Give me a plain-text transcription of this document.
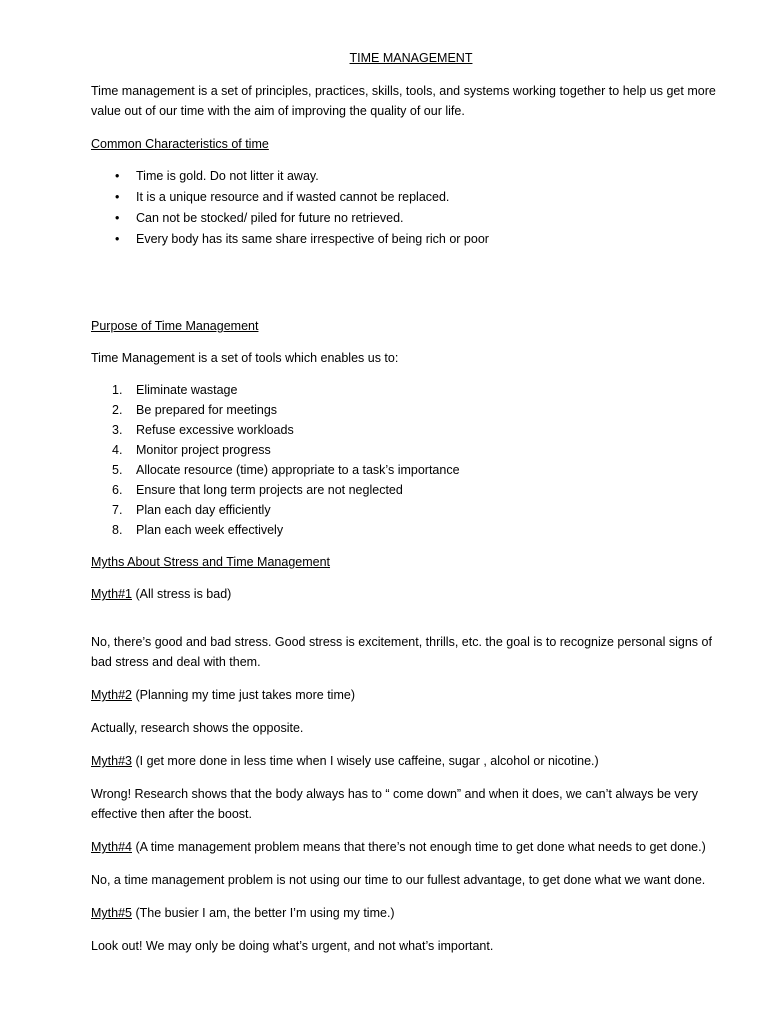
TIME MANAGEMENT

Time management is a set of principles, practices, skills, tools, and systems working together to help us get more value out of our time with the aim of improving the quality of our life.

Common Characteristics of time

• Time is gold. Do not litter it away.
• It is a unique resource and if wasted cannot be replaced.
• Can not be stocked/ piled for future no retrieved.
• Every body has its same share irrespective of being rich or poor

Purpose of Time Management

Time Management is a set of tools which enables us to:

1. Eliminate wastage
2. Be prepared for meetings
3. Refuse excessive workloads
4. Monitor project progress
5. Allocate resource (time) appropriate to a task’s importance
6. Ensure that long term projects are not neglected
7. Plan each day efficiently
8. Plan each week effectively

Myths About Stress and Time Management

Myth#1 (All stress is bad)

No, there’s good and bad stress. Good stress is excitement, thrills, etc. the goal is to recognize personal signs of bad stress and deal with them.

Myth#2 (Planning my time just takes more time)

Actually, research shows the opposite.

Myth#3 (I get more done in less time when I wisely use caffeine, sugar , alcohol or nicotine.)

Wrong! Research shows that the body always has to “ come down” and when it does, we can’t always be very effective then after the boost.

Myth#4 (A time management problem means that there’s not enough time to get done what needs to get done.)

No, a time management problem is not using our time to our fullest advantage, to get done what we want done.

Myth#5 (The busier I am, the better I’m using my time.)

Look out! We may only be doing what’s urgent, and not what’s important.
